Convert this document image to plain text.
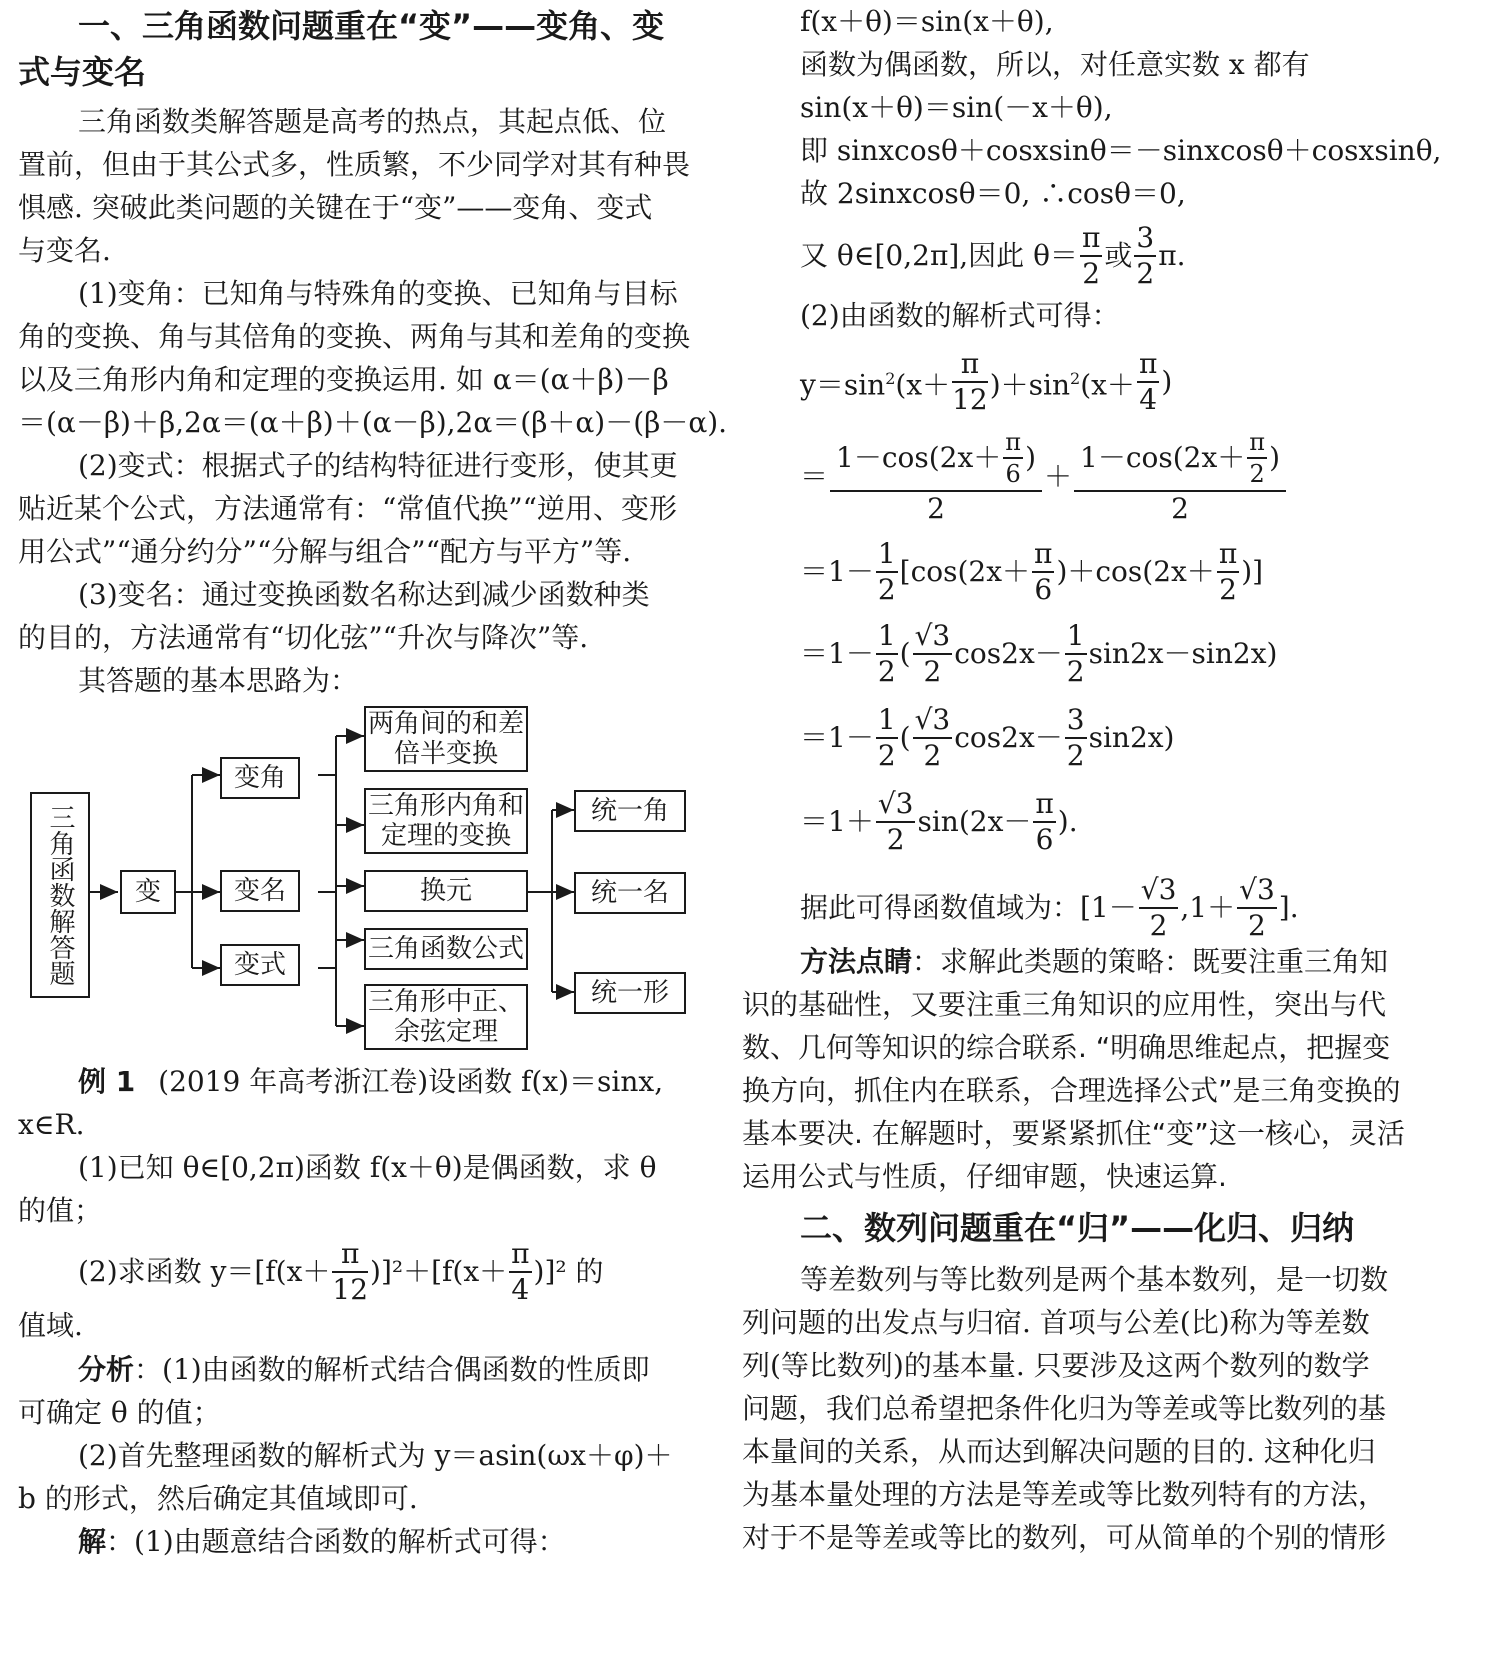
一、三角函数问题重在“变”——变角、变
式与变名
三角函数类解答题是高考的热点，其起点低、位
置前，但由于其公式多，性质繁，不少同学对其有种畏
惧感. 突破此类问题的关键在于“变”——变角、变式
与变名.
(1)变角：已知角与特殊角的变换、已知角与目标
角的变换、角与其倍角的变换、两角与其和差角的变换
以及三角形内角和定理的变换运用. 如 α＝(α＋β)－β
＝(α－β)＋β,2α＝(α＋β)＋(α－β),2α＝(β＋α)－(β－α).
(2)变式：根据式子的结构特征进行变形，使其更
贴近某个公式，方法通常有：“常值代换”“逆用、变形
用公式”“通分约分”“分解与组合”“配方与平方”等.
(3)变名：通过变换函数名称达到减少函数种类
的目的，方法通常有“切化弦”“升次与降次”等.
其答题的基本思路为：
三角函数解答题	变
变角
变名
变式
两角间的和差倍半变换
三角形内角和定理的变换
换元
三角函数公式
三角形中正、余弦定理
统一角
统一名
统一形
例 1 (2019 年高考浙江卷)设函数 f(x)＝sinx,
x∈R.
(1)已知 θ∈[0,2π)函数 f(x＋θ)是偶函数，求 θ
的值；
(2)求函数 $y=[f(x+ \frac{\pi}{12} )]^2+[f(x+ \frac{\pi}{4} )]^2$ 的
值域.
分析：(1)由函数的解析式结合偶函数的性质即
可确定 θ 的值；
(2)首先整理函数的解析式为 y＝asin(ωx＋φ)＋
b 的形式，然后确定其值域即可.
解：(1)由题意结合函数的解析式可得：
f(x＋θ)＝sin(x＋θ),
函数为偶函数，所以，对任意实数 x 都有
sin(x＋θ)＝sin(－x＋θ),
即 sinxcosθ＋cosxsinθ＝－sinxcosθ＋cosxsinθ,
故 2sinxcosθ＝0, ∴cosθ＝0,
又 θ∈[0,2π],因此 $\theta= \frac{\pi}{2}$ 或 $\frac{3}{2} \pi$.
(2)由函数的解析式可得：
$y=\sin^2(x+ \frac{\pi}{12} )+\sin^2(x+ \frac{\pi}{4}$ )
＝ $\frac{1-\cos(2x+ \frac{\pi}{6} )}{2} + \frac{1-\cos(2x+ \frac{\pi}{2} )}{2}$
$=1- \frac{1}{2} [\cos(2x+ \frac{\pi}{6} )+\cos(2x+ \frac{\pi}{2}$ )]
$=1- \frac{1}{2}$ ( $\frac{√3}{2} \cos 2x- \frac{1}{2} \sin 2x-\sin 2x$)
$=1- \frac{1}{2}$ ( $\frac{√3}{2} \cos 2x- \frac{3}{2} \sin 2x$)
$=1+ \frac{√3}{2} \sin(2x- \frac{\pi}{6}$ ).
据此可得函数值域为：[$1- \frac{√3}{2} ,1+ \frac{√3}{2}$ ].
方法点睛：求解此类题的策略：既要注重三角知
识的基础性，又要注重三角知识的应用性，突出与代
数、几何等知识的综合联系. “明确思维起点，把握变
换方向，抓住内在联系，合理选择公式”是三角变换的
基本要决. 在解题时，要紧紧抓住“变”这一核心，灵活
运用公式与性质，仔细审题，快速运算.
二、数列问题重在“归”——化归、归纳
等差数列与等比数列是两个基本数列，是一切数
列问题的出发点与归宿. 首项与公差(比)称为等差数
列(等比数列)的基本量. 只要涉及这两个数列的数学
问题，我们总希望把条件化归为等差或等比数列的基
本量间的关系，从而达到解决问题的目的. 这种化归
为基本量处理的方法是等差或等比数列特有的方法，
对于不是等差或等比的数列，可从简单的个别的情形
